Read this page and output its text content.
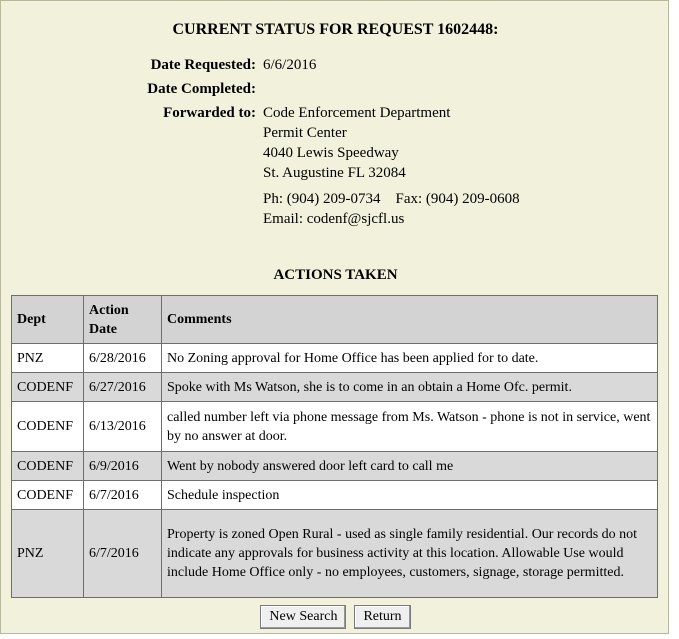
CURRENT STATUS FOR REQUEST 1602448:
Date Requested: 6/6/2016
Date Completed:
Forwarded to: Code Enforcement Department
Permit Center
4040 Lewis Speedway
St. Augustine FL 32084
Ph: (904) 209-0734    Fax: (904) 209-0608
Email: codenf@sjcfl.us
ACTIONS TAKEN
Dept	Action Date	Comments
PNZ	6/28/2016	No Zoning approval for Home Office has been applied for to date.
CODENF	6/27/2016	Spoke with Ms Watson, she is to come in an obtain a Home Ofc. permit.
CODENF	6/13/2016	called number left via phone message from Ms. Watson - phone is not in service, went by no answer at door.
CODENF	6/9/2016	Went by nobody answered door left card to call me
CODENF	6/7/2016	Schedule inspection
PNZ	6/7/2016	Property is zoned Open Rural - used as single family residential. Our records do not indicate any approvals for business activity at this location. Allowable Use would include Home Office only - no employees, customers, signage, storage permitted.
New Search Return
